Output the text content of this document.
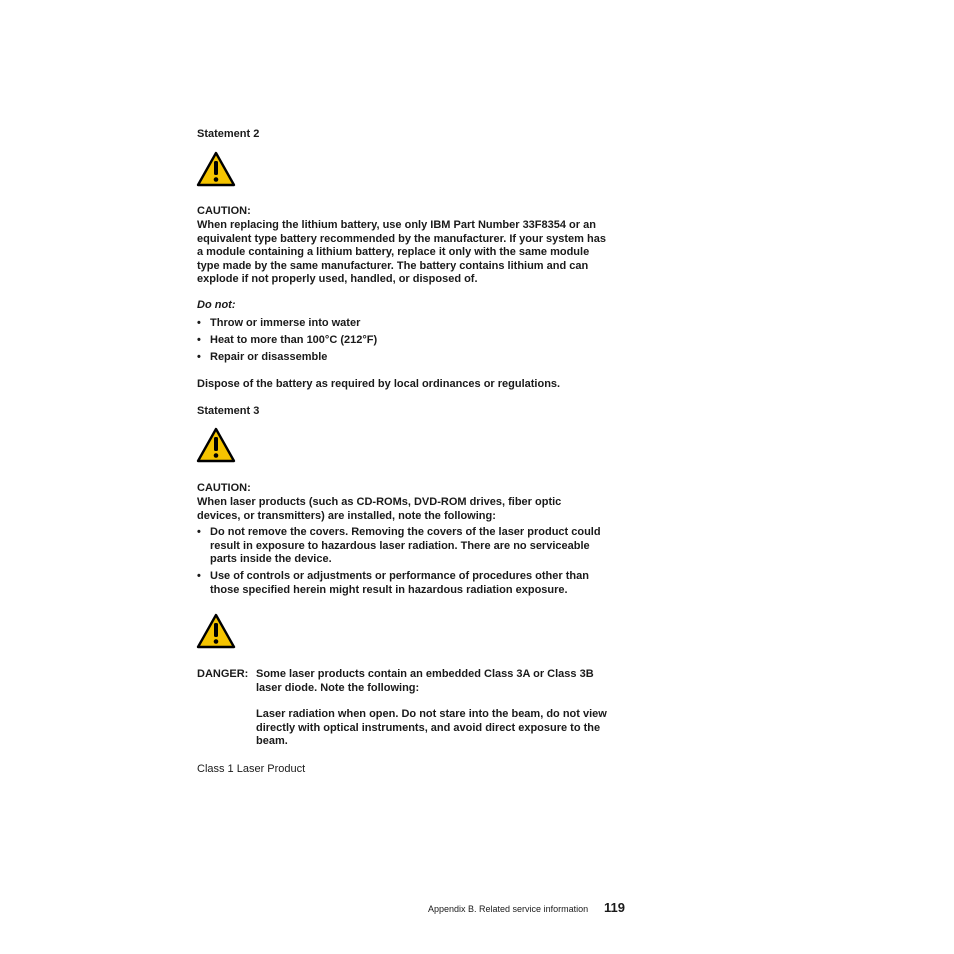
Statement 2
CAUTION:
When replacing the lithium battery, use only IBM Part Number 33F8354 or an
equivalent type battery recommended by the manufacturer. If your system has
a module containing a lithium battery, replace it only with the same module
type made by the same manufacturer. The battery contains lithium and can
explode if not properly used, handled, or disposed of.
Do not:
• Throw or immerse into water
• Heat to more than 100°C (212°F)
• Repair or disassemble
Dispose of the battery as required by local ordinances or regulations.
Statement 3
CAUTION:
When laser products (such as CD-ROMs, DVD-ROM drives, fiber optic
devices, or transmitters) are installed, note the following:
• Do not remove the covers. Removing the covers of the laser product could
result in exposure to hazardous laser radiation. There are no serviceable
parts inside the device.
• Use of controls or adjustments or performance of procedures other than
those specified herein might result in hazardous radiation exposure.
DANGER: Some laser products contain an embedded Class 3A or Class 3B
laser diode. Note the following:
Laser radiation when open. Do not stare into the beam, do not view
directly with optical instruments, and avoid direct exposure to the
beam.
Class 1 Laser Product
Appendix B. Related service information 119
